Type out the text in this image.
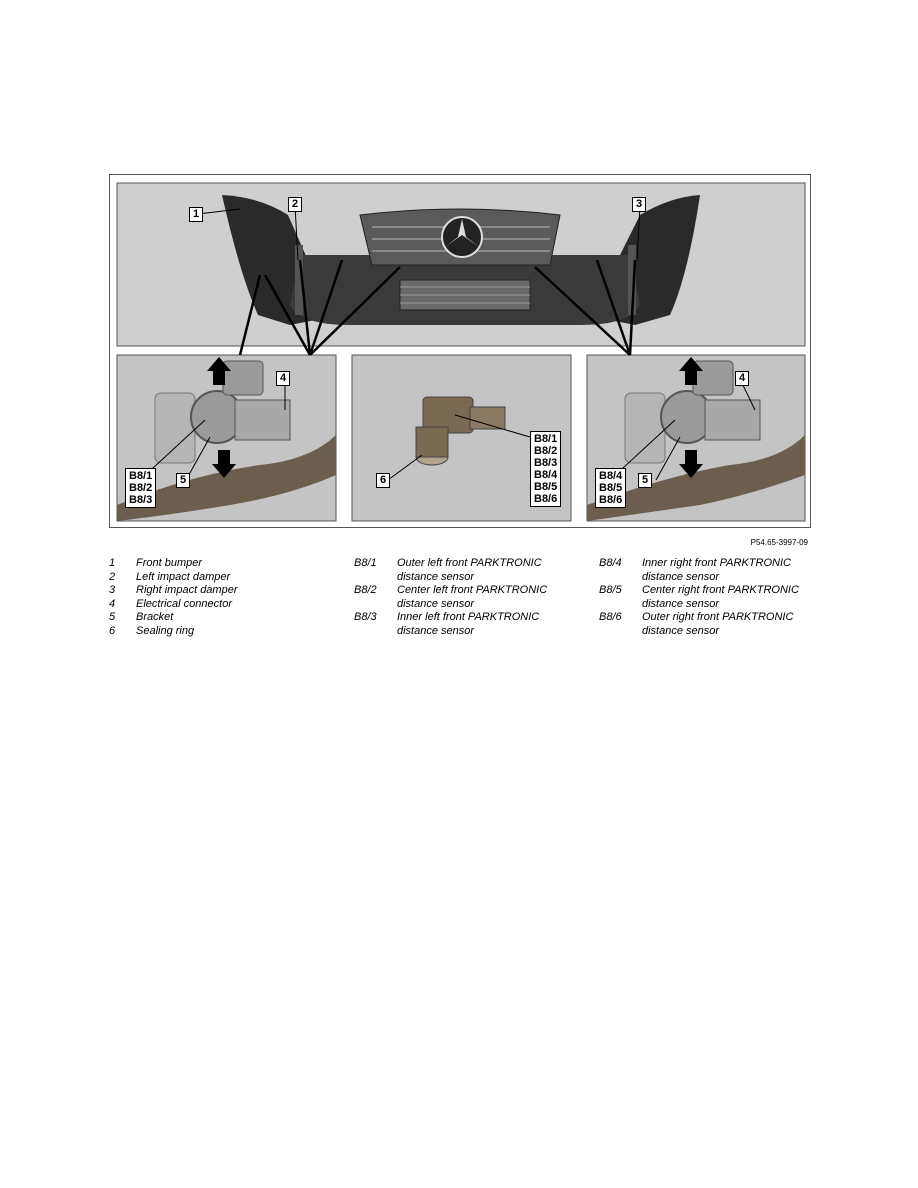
1
2	3
4	4
5	5
6
B8/1
B8/2
B8/3
B8/1
B8/2
B8/3
B8/4
B8/5
B8/6
B8/4
B8/5
B8/6
P54.65-3997-09
1	Front bumper
2	Left impact damper
3	Right impact damper
4	Electrical connector
5	Bracket
6	Sealing ring
B8/1	Outer left front PARKTRONIC
distance sensor
B8/2	Center left front PARKTRONIC
distance sensor
B8/3	Inner left front PARKTRONIC
distance sensor
B8/4	Inner right front PARKTRONIC
distance sensor
B8/5	Center right front PARKTRONIC
distance sensor
B8/6	Outer right front PARKTRONIC
distance sensor
